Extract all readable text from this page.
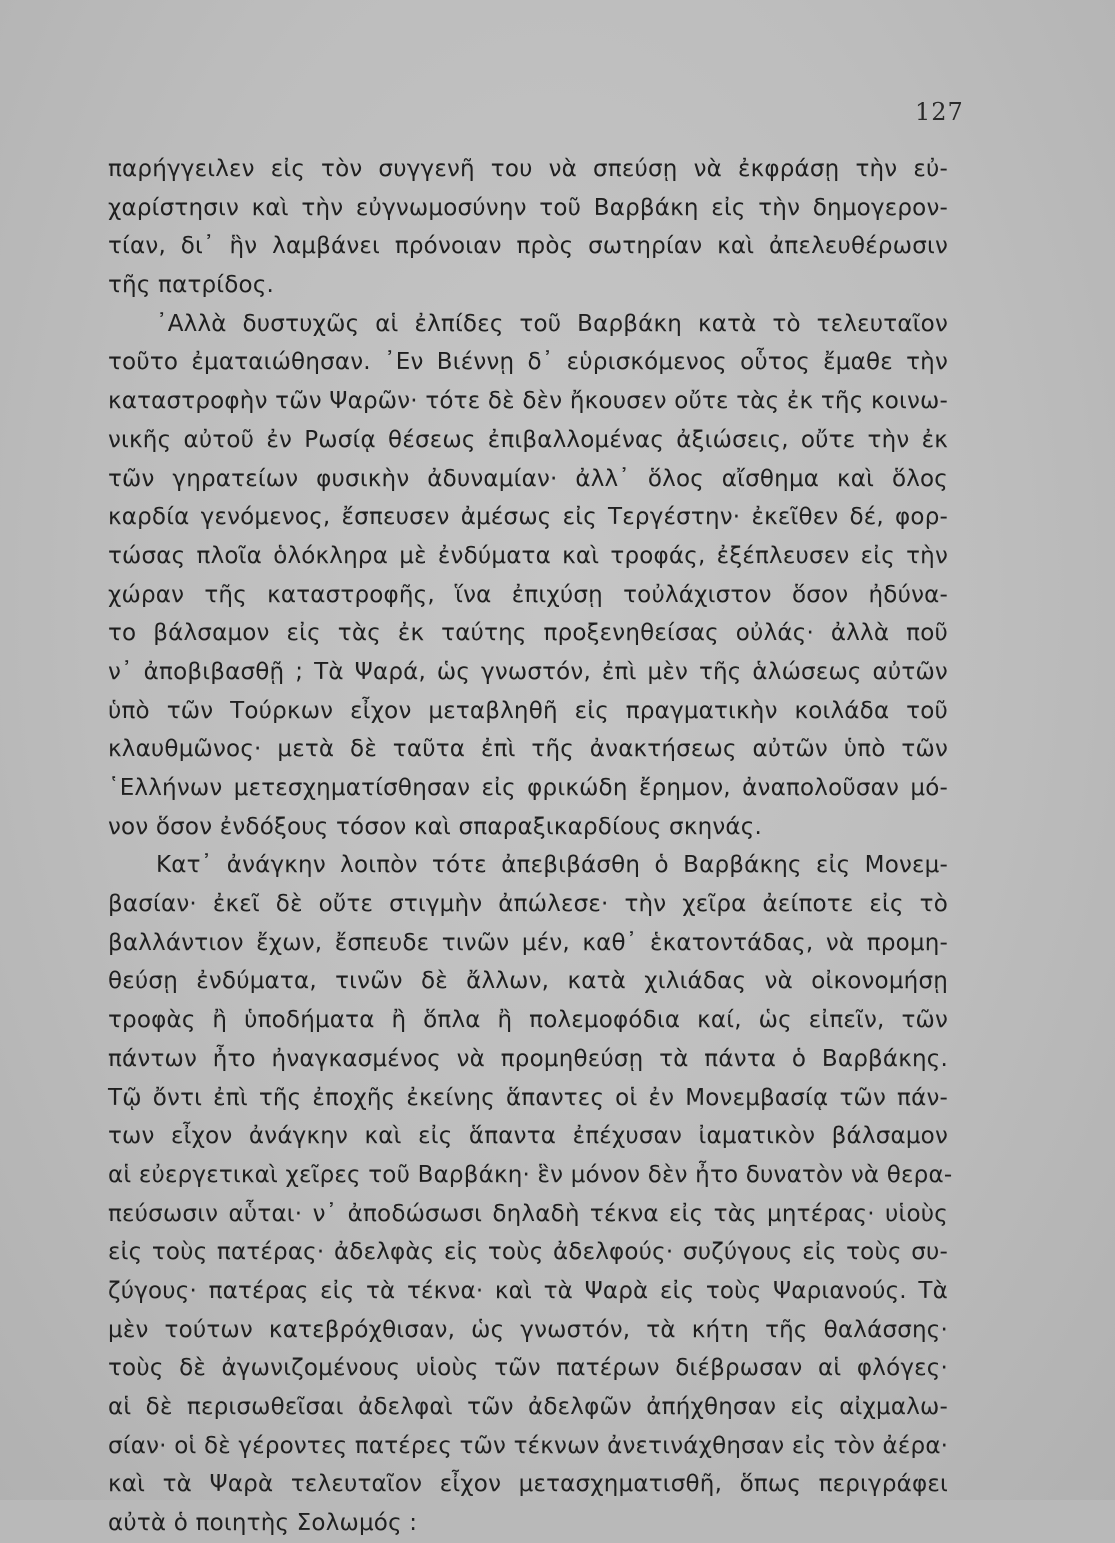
127
παρήγγειλεν εἰς τὸν συγγενῆ του νὰ σπεύσῃ νὰ ἐκφράσῃ τὴν εὐ-
χαρίστησιν καὶ τὴν εὐγνωμοσύνην τοῦ Βαρβάκη εἰς τὴν δημογερον-
τίαν, δι᾿ ἣν λαμβάνει πρόνοιαν πρὸς σωτηρίαν καὶ ἀπελευθέρωσιν
τῆς πατρίδος.
᾿Αλλὰ δυστυχῶς αἱ ἐλπίδες τοῦ Βαρβάκη κατὰ τὸ τελευταῖον
τοῦτο ἐματαιώθησαν. ᾿Εν Βιέννῃ δ᾿ εὑρισκόμενος οὗτος ἔμαθε τὴν
καταστροφὴν τῶν Ψαρῶν· τότε δὲ δὲν ἤκουσεν οὔτε τὰς ἐκ τῆς κοινω-
νικῆς αὐτοῦ ἐν Ρωσίᾳ θέσεως ἐπιβαλλομένας ἀξιώσεις, οὔτε τὴν ἐκ
τῶν γηρατείων φυσικὴν ἀδυναμίαν· ἀλλ᾿ ὅλος αἴσθημα καὶ ὅλος
καρδία γενόμενος, ἔσπευσεν ἀμέσως εἰς Τεργέστην· ἐκεῖθεν δέ, φορ-
τώσας πλοῖα ὁλόκληρα μὲ ἐνδύματα καὶ τροφάς, ἐξέπλευσεν εἰς τὴν
χώραν τῆς καταστροφῆς, ἵνα ἐπιχύσῃ τοὐλάχιστον ὅσον ἠδύνα-
το βάλσαμον εἰς τὰς ἐκ ταύτης προξενηθείσας οὐλάς· ἀλλὰ ποῦ
ν᾿ ἀποβιβασθῇ ; Τὰ Ψαρά, ὡς γνωστόν, ἐπὶ μὲν τῆς ἁλώσεως αὐτῶν
ὑπὸ τῶν Τούρκων εἶχον μεταβληθῆ εἰς πραγματικὴν κοιλάδα τοῦ
κλαυθμῶνος· μετὰ δὲ ταῦτα ἐπὶ τῆς ἀνακτήσεως αὐτῶν ὑπὸ τῶν
῾Ελλήνων μετεσχηματίσθησαν εἰς φρικώδη ἔρημον, ἀναπολοῦσαν μό-
νον ὅσον ἐνδόξους τόσον καὶ σπαραξικαρδίους σκηνάς.
Κατ᾿ ἀνάγκην λοιπὸν τότε ἀπεβιβάσθη ὁ Βαρβάκης εἰς Μονεμ-
βασίαν· ἐκεῖ δὲ οὔτε στιγμὴν ἀπώλεσε· τὴν χεῖρα ἀείποτε εἰς τὸ
βαλλάντιον ἔχων, ἔσπευδε τινῶν μέν, καθ᾿ ἑκατοντάδας, νὰ προμη-
θεύσῃ ἐνδύματα, τινῶν δὲ ἄλλων, κατὰ χιλιάδας νὰ οἰκονομήσῃ
τροφὰς ἢ ὑποδήματα ἢ ὅπλα ἢ πολεμοφόδια καί, ὡς εἰπεῖν, τῶν
πάντων ἦτο ἠναγκασμένος νὰ προμηθεύσῃ τὰ πάντα ὁ Βαρβάκης.
Τῷ ὄντι ἐπὶ τῆς ἐποχῆς ἐκείνης ἅπαντες οἱ ἐν Μονεμβασίᾳ τῶν πάν-
των εἶχον ἀνάγκην καὶ εἰς ἅπαντα ἐπέχυσαν ἰαματικὸν βάλσαμον
αἱ εὐεργετικαὶ χεῖρες τοῦ Βαρβάκη· ἓν μόνον δὲν ἦτο δυνατὸν νὰ θερα-
πεύσωσιν αὗται· ν᾿ ἀποδώσωσι δηλαδὴ τέκνα εἰς τὰς μητέρας· υἱοὺς
εἰς τοὺς πατέρας· ἀδελφὰς εἰς τοὺς ἀδελφούς· συζύγους εἰς τοὺς συ-
ζύγους· πατέρας εἰς τὰ τέκνα· καὶ τὰ Ψαρὰ εἰς τοὺς Ψαριανούς. Τὰ
μὲν τούτων κατεβρόχθισαν, ὡς γνωστόν, τὰ κήτη τῆς θαλάσσης·
τοὺς δὲ ἀγωνιζομένους υἱοὺς τῶν πατέρων διέβρωσαν αἱ φλόγες·
αἱ δὲ περισωθεῖσαι ἀδελφαὶ τῶν ἀδελφῶν ἀπήχθησαν εἰς αἰχμαλω-
σίαν· οἱ δὲ γέροντες πατέρες τῶν τέκνων ἀνετινάχθησαν εἰς τὸν ἀέρα·
καὶ τὰ Ψαρὰ τελευταῖον εἶχον μετασχηματισθῆ, ὅπως περιγράφει
αὐτὰ ὁ ποιητὴς Σολωμός :
